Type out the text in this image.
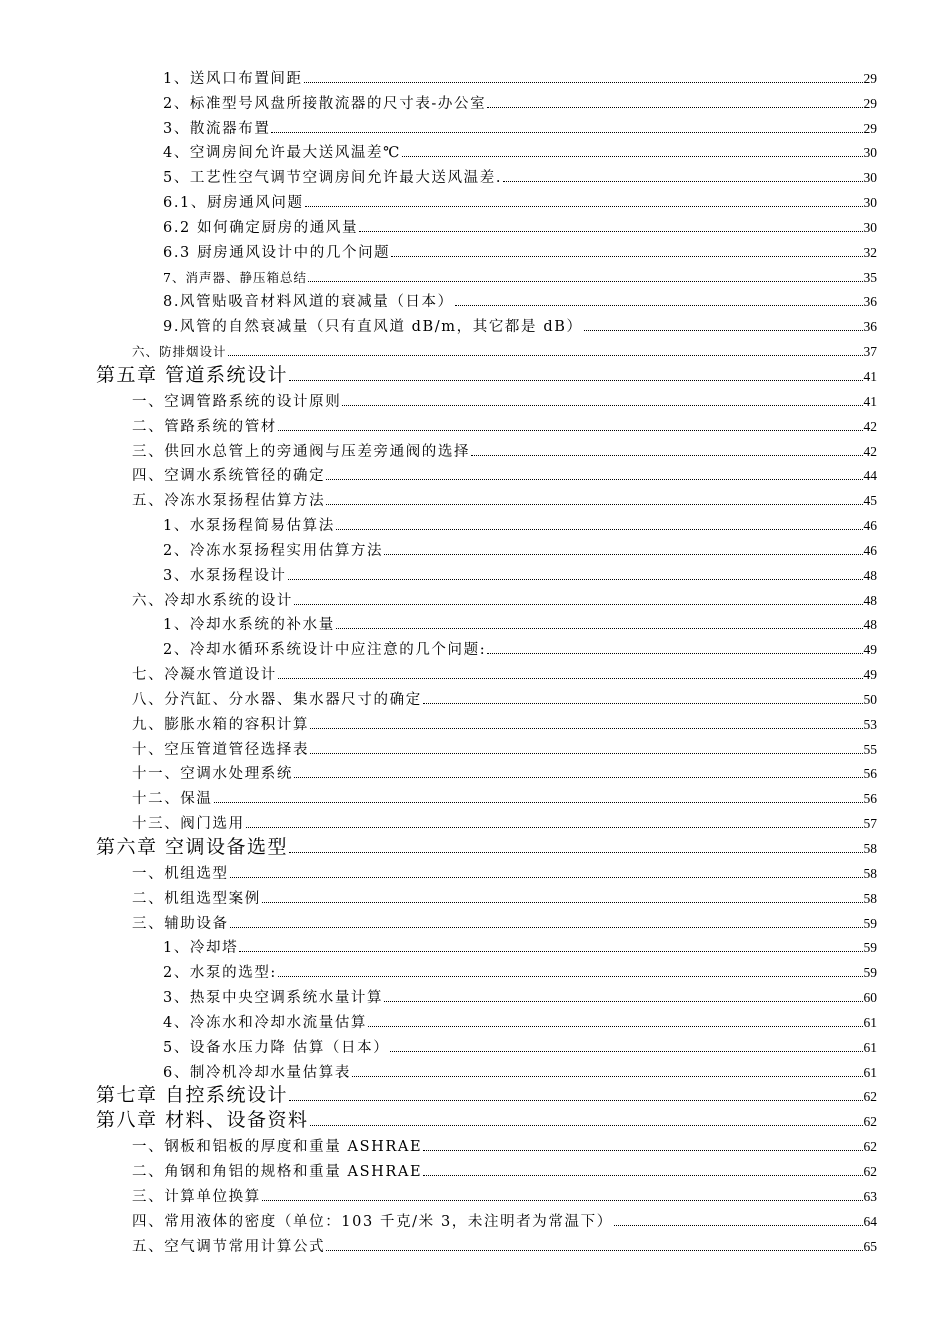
1、送风口布置间距	29
2、标准型号风盘所接散流器的尺寸表-办公室	29
3、散流器布置	29
4、空调房间允许最大送风温差℃	30
5、工艺性空气调节空调房间允许最大送风温差.	30
6.1、厨房通风问题	30
6.2 如何确定厨房的通风量	30
6.3 厨房通风设计中的几个问题	32
7、消声器、静压箱总结	35
8.风管贴吸音材料风道的衰减量（日本）	36
9.风管的自然衰减量（只有直风道 dB/m，其它都是 dB）	36
六、防排烟设计	37
第五章 管道系统设计	41
一、空调管路系统的设计原则	41
二、管路系统的管材	42
三、供回水总管上的旁通阀与压差旁通阀的选择	42
四、空调水系统管径的确定	44
五、冷冻水泵扬程估算方法	45
1、水泵扬程简易估算法	46
2、冷冻水泵扬程实用估算方法	46
3、水泵扬程设计	48
六、冷却水系统的设计	48
1、冷却水系统的补水量	48
2、冷却水循环系统设计中应注意的几个问题:	49
七、冷凝水管道设计	49
八、分汽缸、分水器、集水器尺寸的确定	50
九、膨胀水箱的容积计算	53
十、空压管道管径选择表	55
十一、空调水处理系统	56
十二、保温	56
十三、阀门选用	57
第六章 空调设备选型	58
一、机组选型	58
二、机组选型案例	58
三、辅助设备	59
1、冷却塔	59
2、水泵的选型:	59
3、热泵中央空调系统水量计算	60
4、冷冻水和冷却水流量估算	61
5、设备水压力降 估算（日本）	61
6、制冷机冷却水量估算表	61
第七章 自控系统设计	62
第八章 材料、设备资料	62
一、钢板和铝板的厚度和重量 ASHRAE	62
二、角钢和角铝的规格和重量 ASHRAE	62
三、计算单位换算	63
四、常用液体的密度（单位：103 千克/米 3，未注明者为常温下）	64
五、空气调节常用计算公式	65
